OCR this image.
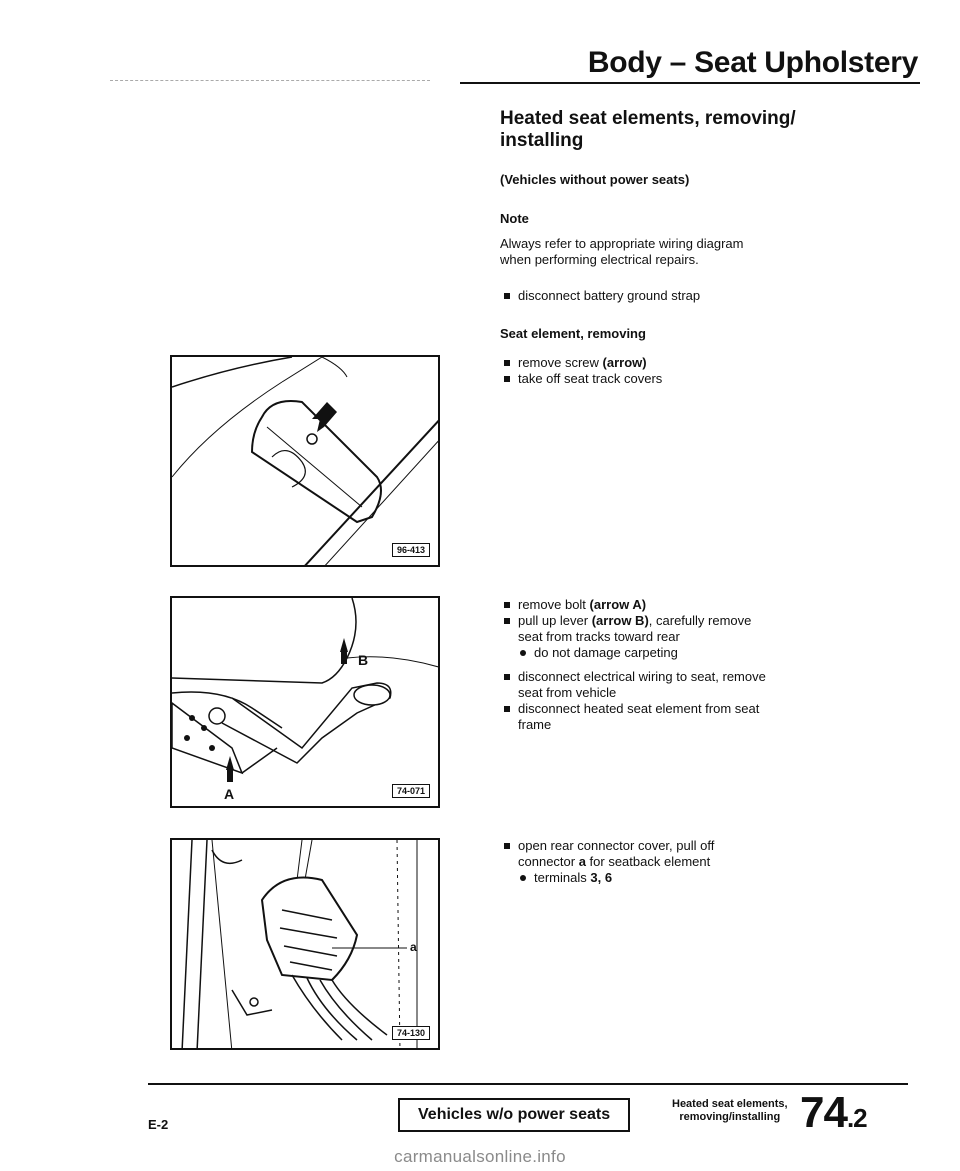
Body – Seat Upholstery
Heated seat elements, removing/
installing
(Vehicles without power seats)
Note
Always refer to appropriate wiring diagram
when performing electrical repairs.
disconnect battery ground strap
Seat element, removing
remove screw (arrow)
take off seat track covers
remove bolt (arrow A)
pull up lever (arrow B), carefully remove
seat from tracks toward rear
do not damage carpeting
disconnect electrical wiring to seat, remove
seat from vehicle
disconnect heated seat element from seat
frame
open rear connector cover, pull off
connector a for seatback element
terminals 3, 6
96-413
B
A	74-071
a
74-130
E-2
Vehicles w/o power seats
Heated seat elements,
removing/installing 74.2
carmanualsonline.info
